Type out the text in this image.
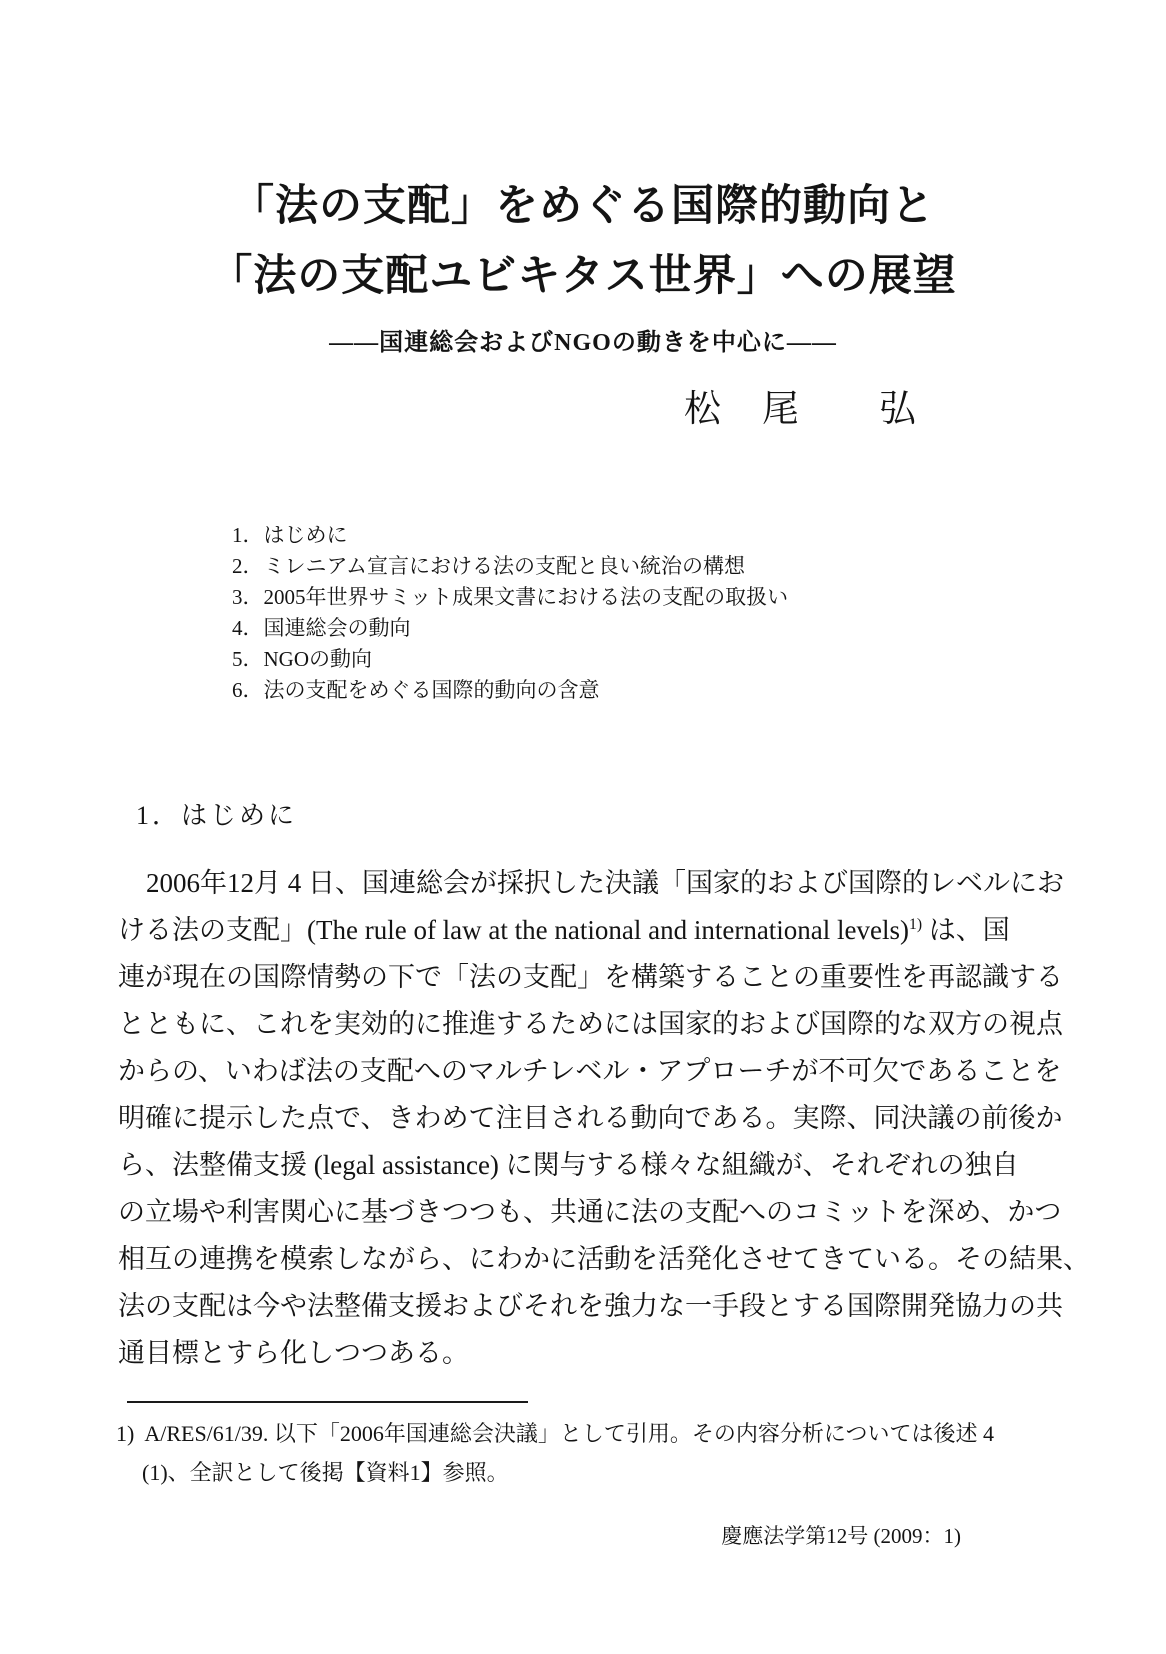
「法の支配」をめぐる国際的動向と
「法の支配ユビキタス世界」への展望
――国連総会およびNGOの動きを中心に――
松　尾　　弘
1．はじめに
2．ミレニアム宣言における法の支配と良い統治の構想
3．2005年世界サミット成果文書における法の支配の取扱い
4．国連総会の動向
5．NGOの動向
6．法の支配をめぐる国際的動向の含意
1．はじめに
2006年12月 4 日、国連総会が採択した決議「国家的および国際的レベルにお
ける法の支配」(The rule of law at the national and international levels)$^{1)}$ は、国
連が現在の国際情勢の下で「法の支配」を構築することの重要性を再認識する
とともに、これを実効的に推進するためには国家的および国際的な双方の視点
からの、いわば法の支配へのマルチレベル・アプローチが不可欠であることを
明確に提示した点で、きわめて注目される動向である。実際、同決議の前後か
ら、法整備支援 (legal assistance) に関与する様々な組織が、それぞれの独自
の立場や利害関心に基づきつつも、共通に法の支配へのコミットを深め、かつ
相互の連携を模索しながら、にわかに活動を活発化させてきている。その結果、
法の支配は今や法整備支援およびそれを強力な一手段とする国際開発協力の共
通目標とすら化しつつある。
1) A/RES/61/39. 以下「2006年国連総会決議」として引用。その内容分析については後述 4
(1)、全訳として後掲【資料1】参照。
慶應法学第12号 (2009：1)
